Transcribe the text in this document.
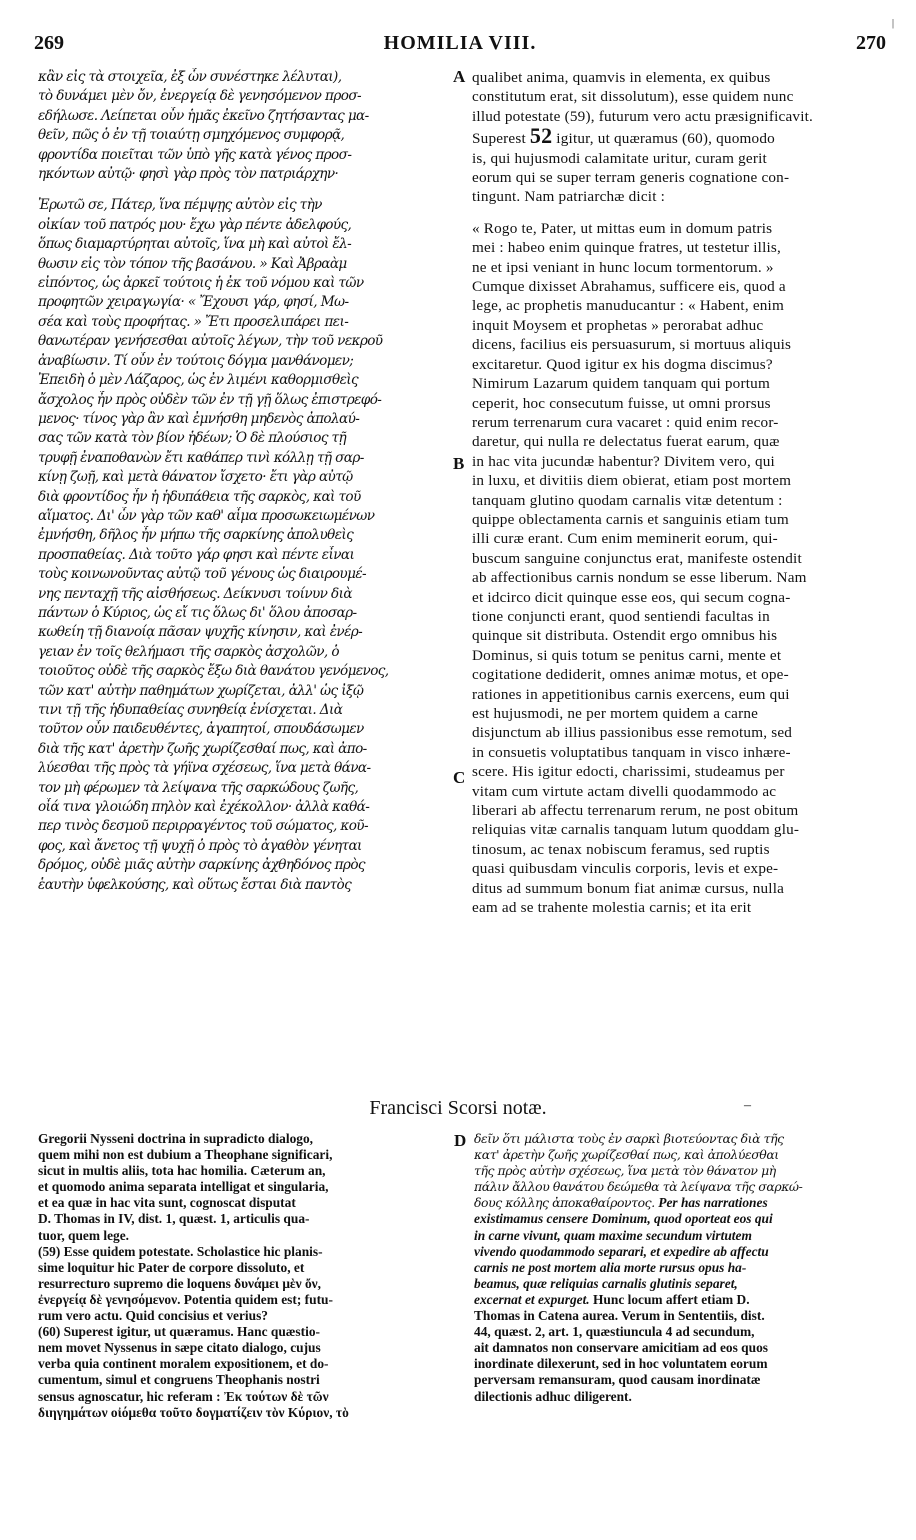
269	HOMILIA VIII.	270
|
κἂν εἰς τὰ στοιχεῖα, ἐξ ὧν συνέστηκε λέλυται),
τὸ δυνάμει μὲν ὄν, ἐνεργείᾳ δὲ γενησόμενον προσ-
εδήλωσε. Λείπεται οὖν ἡμᾶς ἐκεῖνο ζητήσαντας μα-
θεῖν, πῶς ὁ ἐν τῇ τοιαύτῃ σμηχόμενος συμφορᾷ,
φροντίδα ποιεῖται τῶν ὑπὸ γῆς κατὰ γένος προσ-
ηκόντων αὐτῷ· φησὶ γὰρ πρὸς τὸν πατριάρχην·
Ἐρωτῶ σε, Πάτερ, ἵνα πέμψῃς αὐτὸν εἰς τὴν
οἰκίαν τοῦ πατρός μου· ἔχω γὰρ πέντε ἀδελφούς,
ὅπως διαμαρτύρηται αὐτοῖς, ἵνα μὴ καὶ αὐτοὶ ἔλ-
θωσιν εἰς τὸν τόπον τῆς βασάνου. » Καὶ Ἀβραὰμ
εἰπόντος, ὡς ἀρκεῖ τούτοις ἡ ἐκ τοῦ νόμου καὶ τῶν
προφητῶν χειραγωγία· « Ἔχουσι γάρ, φησί, Μω-
σέα καὶ τοὺς προφήτας. » Ἔτι προσελιπάρει πει-
θανωτέραν γενήσεσθαι αὐτοῖς λέγων, τὴν τοῦ νεκροῦ
ἀναβίωσιν. Τί οὖν ἐν τούτοις δόγμα μανθάνομεν;
Ἐπειδὴ ὁ μὲν Λάζαρος, ὡς ἐν λιμένι καθορμισθεὶς
ἄσχολος ἦν πρὸς οὐδὲν τῶν ἐν τῇ γῇ ὅλως ἐπιστρεφό-
μενος· τίνος γὰρ ἂν καὶ ἐμνήσθη μηδενὸς ἀπολαύ-
σας τῶν κατὰ τὸν βίον ἡδέων; Ὁ δὲ πλούσιος τῇ
τρυφῇ ἐναποθανὼν ἔτι καθάπερ τινὶ κόλλῃ τῇ σαρ-
κίνῃ ζωῇ, καὶ μετὰ θάνατον ἴσχετο· ἔτι γὰρ αὐτῷ
διὰ φροντίδος ἦν ἡ ἡδυπάθεια τῆς σαρκὸς, καὶ τοῦ
αἵματος. Δι' ὧν γὰρ τῶν καθ' αἷμα προσωκειωμένων
ἐμνήσθη, δῆλος ἦν μήπω τῆς σαρκίνης ἀπολυθεὶς
προσπαθείας. Διὰ τοῦτο γάρ φησι καὶ πέντε εἶναι
τοὺς κοινωνοῦντας αὐτῷ τοῦ γένους ὡς διαιρουμέ-
νης πενταχῇ τῆς αἰσθήσεως. Δείκνυσι τοίνυν διὰ
πάντων ὁ Κύριος, ὡς εἴ τις ὅλως δι' ὅλου ἀποσαρ-
κωθείη τῇ διανοίᾳ πᾶσαν ψυχῆς κίνησιν, καὶ ἐνέρ-
γειαν ἐν τοῖς θελήμασι τῆς σαρκὸς ἀσχολῶν, ὁ
τοιοῦτος οὐδὲ τῆς σαρκὸς ἔξω διὰ θανάτου γενόμενος,
τῶν κατ' αὐτὴν παθημάτων χωρίζεται, ἀλλ' ὡς ἰξῷ
τινι τῇ τῆς ἡδυπαθείας συνηθείᾳ ἐνίσχεται. Διὰ
τοῦτον οὖν παιδευθέντες, ἀγαπητοί, σπουδάσωμεν
διὰ τῆς κατ' ἀρετὴν ζωῆς χωρίζεσθαί πως, καὶ ἀπο-
λύεσθαι τῆς πρὸς τὰ γήϊνα σχέσεως, ἵνα μετὰ θάνα-
τον μὴ φέρωμεν τὰ λείψανα τῆς σαρκώδους ζωῆς,
οἷά τινα γλοιώδη πηλὸν καὶ ἐχέκολλον· ἀλλὰ καθά-
περ τινὸς δεσμοῦ περιρραγέντος τοῦ σώματος, κοῦ-
φος, καὶ ἄνετος τῇ ψυχῇ ὁ πρὸς τὸ ἀγαθὸν γένηται
δρόμος, οὐδὲ μιᾶς αὐτὴν σαρκίνης ἀχθηδόνος πρὸς
ἑαυτὴν ὑφελκούσης, καὶ οὕτως ἔσται διὰ παντὸς
A
B
C
D
qualibet anima, quamvis in elementa, ex quibus
constitutum erat, sit dissolutum), esse quidem nunc
illud potestate (59), futurum vero actu præsignificavit.
Superest 52 igitur, ut quæramus (60), quomodo
is, qui hujusmodi calamitate uritur, curam gerit
eorum qui se super terram generis cognatione con-
tingunt. Nam patriarchæ dicit :
« Rogo te, Pater, ut mittas eum in domum patris
mei : habeo enim quinque fratres, ut testetur illis,
ne et ipsi veniant in hunc locum tormentorum. »
Cumque dixisset Abrahamus, sufficere eis, quod a
lege, ac prophetis manuducantur : « Habent, enim
inquit Moysem et prophetas » perorabat adhuc
dicens, facilius eis persuasurum, si mortuus aliquis
excitaretur. Quod igitur ex his dogma discimus?
Nimirum Lazarum quidem tanquam qui portum
ceperit, hoc consecutum fuisse, ut omni prorsus
rerum terrenarum cura vacaret : quid enim recor-
daretur, qui nulla re delectatus fuerat earum, quæ
in hac vita jucundæ habentur? Divitem vero, qui
in luxu, et divitiis diem obierat, etiam post mortem
tanquam glutino quodam carnalis vitæ detentum :
quippe oblectamenta carnis et sanguinis etiam tum
illi curæ erant. Cum enim meminerit eorum, qui-
buscum sanguine conjunctus erat, manifeste ostendit
ab affectionibus carnis nondum se esse liberum. Nam
et idcirco dicit quinque esse eos, qui secum cogna-
tione conjuncti erant, quod sentiendi facultas in
quinque sit distributa. Ostendit ergo omnibus his
Dominus, si quis totum se penitus carni, mente et
cogitatione dediderit, omnes animæ motus, et ope-
rationes in appetitionibus carnis exercens, eum qui
est hujusmodi, ne per mortem quidem a carne
disjunctum ab illius passionibus esse remotum, sed
in consuetis voluptatibus tanquam in visco inhære-
scere. His igitur edocti, charissimi, studeamus per
vitam cum virtute actam divelli quodammodo ac
liberari ab affectu terrenarum rerum, ne post obitum
reliquias vitæ carnalis tanquam lutum quoddam glu-
tinosum, ac tenax nobiscum feramus, sed ruptis
quasi quibusdam vinculis corporis, levis et expe-
ditus ad summum bonum fiat animæ cursus, nulla
eam ad se trahente molestia carnis; et ita erit
Francisci Scorsi notæ.	–
Gregorii Nysseni doctrina in supradicto dialogo,
quem mihi non est dubium a Theophane significari,
sicut in multis aliis, tota hac homilia. Cæterum an,
et quomodo anima separata intelligat et singularia,
et ea quæ in hac vita sunt, cognoscat disputat
D. Thomas in IV, dist. 1, quæst. 1, articulis qua-
tuor, quem lege.
(59) Esse quidem potestate. Scholastice hic planis-
sime loquitur hic Pater de corpore dissoluto, et
resurrecturo supremo die loquens δυνάμει μὲν ὄν,
ἐνεργείᾳ δὲ γενησόμενον. Potentia quidem est; futu-
rum vero actu. Quid concisius et verius?
(60) Superest igitur, ut quæramus. Hanc quæstio-
nem movet Nyssenus in sæpe citato dialogo, cujus
verba quia continent moralem expositionem, et do-
cumentum, simul et congruens Theophanis nostri
sensus agnoscatur, hic referam : Ἐκ τούτων δὲ τῶν
διηγημάτων οἰόμεθα τοῦτο δογματίζειν τὸν Κύριον, τὸ
δεῖν ὅτι μάλιστα τοὺς ἐν σαρκὶ βιοτεύοντας διὰ τῆς
κατ' ἀρετὴν ζωῆς χωρίζεσθαί πως, καὶ ἀπολύεσθαι
τῆς πρὸς αὐτὴν σχέσεως, ἵνα μετὰ τὸν θάνατον μὴ
πάλιν ἄλλου θανάτου δεώμεθα τὰ λείψανα τῆς σαρκώ-
δους κόλλης ἀποκαθαίροντος. Per has narrationes
existimamus censere Dominum, quod oporteat eos qui
in carne vivunt, quam maxime secundum virtutem
vivendo quodammodo separari, et expedire ab affectu
carnis ne post mortem alia morte rursus opus ha-
beamus, quæ reliquias carnalis glutinis separet,
excernat et expurget. Hunc locum affert etiam D.
Thomas in Catena aurea. Verum in Sententiis, dist.
44, quæst. 2, art. 1, quæstiuncula 4 ad secundum,
ait damnatos non conservare amicitiam ad eos quos
inordinate dilexerunt, sed in hoc voluntatem eorum
perversam remansuram, quod causam inordinatæ
dilectionis adhuc diligerent.
